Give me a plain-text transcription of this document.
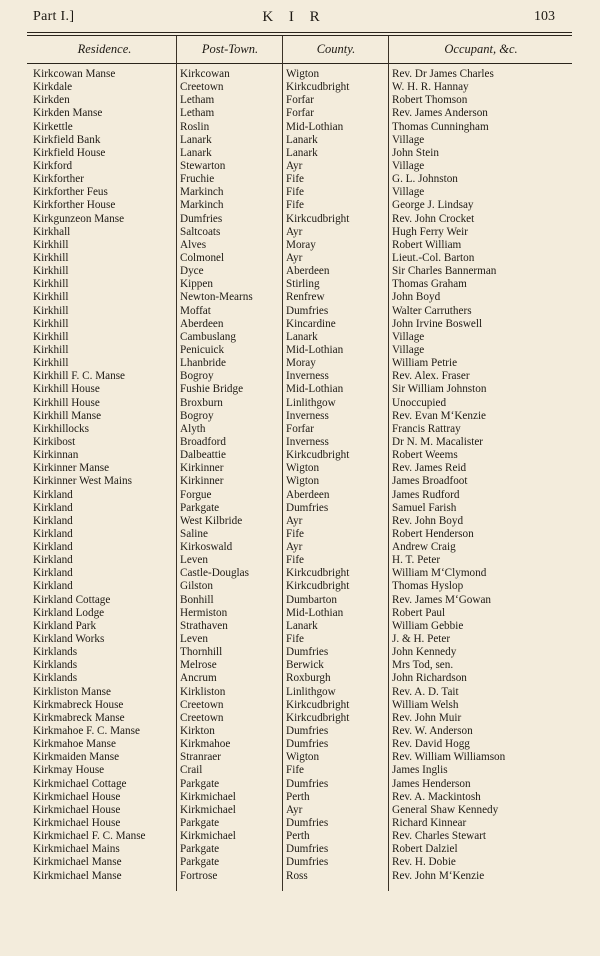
Part I.]	K I R	103
Residence.	Post-Town.	County.	Occupant, &c.
Kirkcowan Manse	Kirkcowan	Wigton	Rev. Dr James Charles
Kirkdale	Creetown	Kirkcudbright	W. H. R. Hannay
Kirkden	Letham	Forfar	Robert Thomson
Kirkden Manse	Letham	Forfar	Rev. James Anderson
Kirkettle	Roslin	Mid-Lothian	Thomas Cunningham
Kirkfield Bank	Lanark	Lanark	Village
Kirkfield House	Lanark	Lanark	John Stein
Kirkford	Stewarton	Ayr	Village
Kirkforther	Fruchie	Fife	G. L. Johnston
Kirkforther Feus	Markinch	Fife	Village
Kirkforther House	Markinch	Fife	George J. Lindsay
Kirkgunzeon Manse	Dumfries	Kirkcudbright	Rev. John Crocket
Kirkhall	Saltcoats	Ayr	Hugh Ferry Weir
Kirkhill	Alves	Moray	Robert William
Kirkhill	Colmonel	Ayr	Lieut.-Col. Barton
Kirkhill	Dyce	Aberdeen	Sir Charles Bannerman
Kirkhill	Kippen	Stirling	Thomas Graham
Kirkhill	Newton-Mearns	Renfrew	John Boyd
Kirkhill	Moffat	Dumfries	Walter Carruthers
Kirkhill	Aberdeen	Kincardine	John Irvine Boswell
Kirkhill	Cambuslang	Lanark	Village
Kirkhill	Penicuick	Mid-Lothian	Village
Kirkhill	Lhanbride	Moray	William Petrie
Kirkhill F. C. Manse	Bogroy	Inverness	Rev. Alex. Fraser
Kirkhill House	Fushie Bridge	Mid-Lothian	Sir William Johnston
Kirkhill House	Broxburn	Linlithgow	Unoccupied
Kirkhill Manse	Bogroy	Inverness	Rev. Evan M‘Kenzie
Kirkhillocks	Alyth	Forfar	Francis Rattray
Kirkibost	Broadford	Inverness	Dr N. M. Macalister
Kirkinnan	Dalbeattie	Kirkcudbright	Robert Weems
Kirkinner Manse	Kirkinner	Wigton	Rev. James Reid
Kirkinner West Mains	Kirkinner	Wigton	James Broadfoot
Kirkland	Forgue	Aberdeen	James Rudford
Kirkland	Parkgate	Dumfries	Samuel Farish
Kirkland	West Kilbride	Ayr	Rev. John Boyd
Kirkland	Saline	Fife	Robert Henderson
Kirkland	Kirkoswald	Ayr	Andrew Craig
Kirkland	Leven	Fife	H. T. Peter
Kirkland	Castle-Douglas	Kirkcudbright	William M‘Clymond
Kirkland	Gilston	Kirkcudbright	Thomas Hyslop
Kirkland Cottage	Bonhill	Dumbarton	Rev. James M‘Gowan
Kirkland Lodge	Hermiston	Mid-Lothian	Robert Paul
Kirkland Park	Strathaven	Lanark	William Gebbie
Kirkland Works	Leven	Fife	J. & H. Peter
Kirklands	Thornhill	Dumfries	John Kennedy
Kirklands	Melrose	Berwick	Mrs Tod, sen.
Kirklands	Ancrum	Roxburgh	John Richardson
Kirkliston Manse	Kirkliston	Linlithgow	Rev. A. D. Tait
Kirkmabreck House	Creetown	Kirkcudbright	William Welsh
Kirkmabreck Manse	Creetown	Kirkcudbright	Rev. John Muir
Kirkmahoe F. C. Manse	Kirkton	Dumfries	Rev. W. Anderson
Kirkmahoe Manse	Kirkmahoe	Dumfries	Rev. David Hogg
Kirkmaiden Manse	Stranraer	Wigton	Rev. William Williamson
Kirkmay House	Crail	Fife	James Inglis
Kirkmichael Cottage	Parkgate	Dumfries	James Henderson
Kirkmichael House	Kirkmichael	Perth	Rev. A. Mackintosh
Kirkmichael House	Kirkmichael	Ayr	General Shaw Kennedy
Kirkmichael House	Parkgate	Dumfries	Richard Kinnear
Kirkmichael F. C. Manse	Kirkmichael	Perth	Rev. Charles Stewart
Kirkmichael Mains	Parkgate	Dumfries	Robert Dalziel
Kirkmichael Manse	Parkgate	Dumfries	Rev. H. Dobie
Kirkmichael Manse	Fortrose	Ross	Rev. John M‘Kenzie
